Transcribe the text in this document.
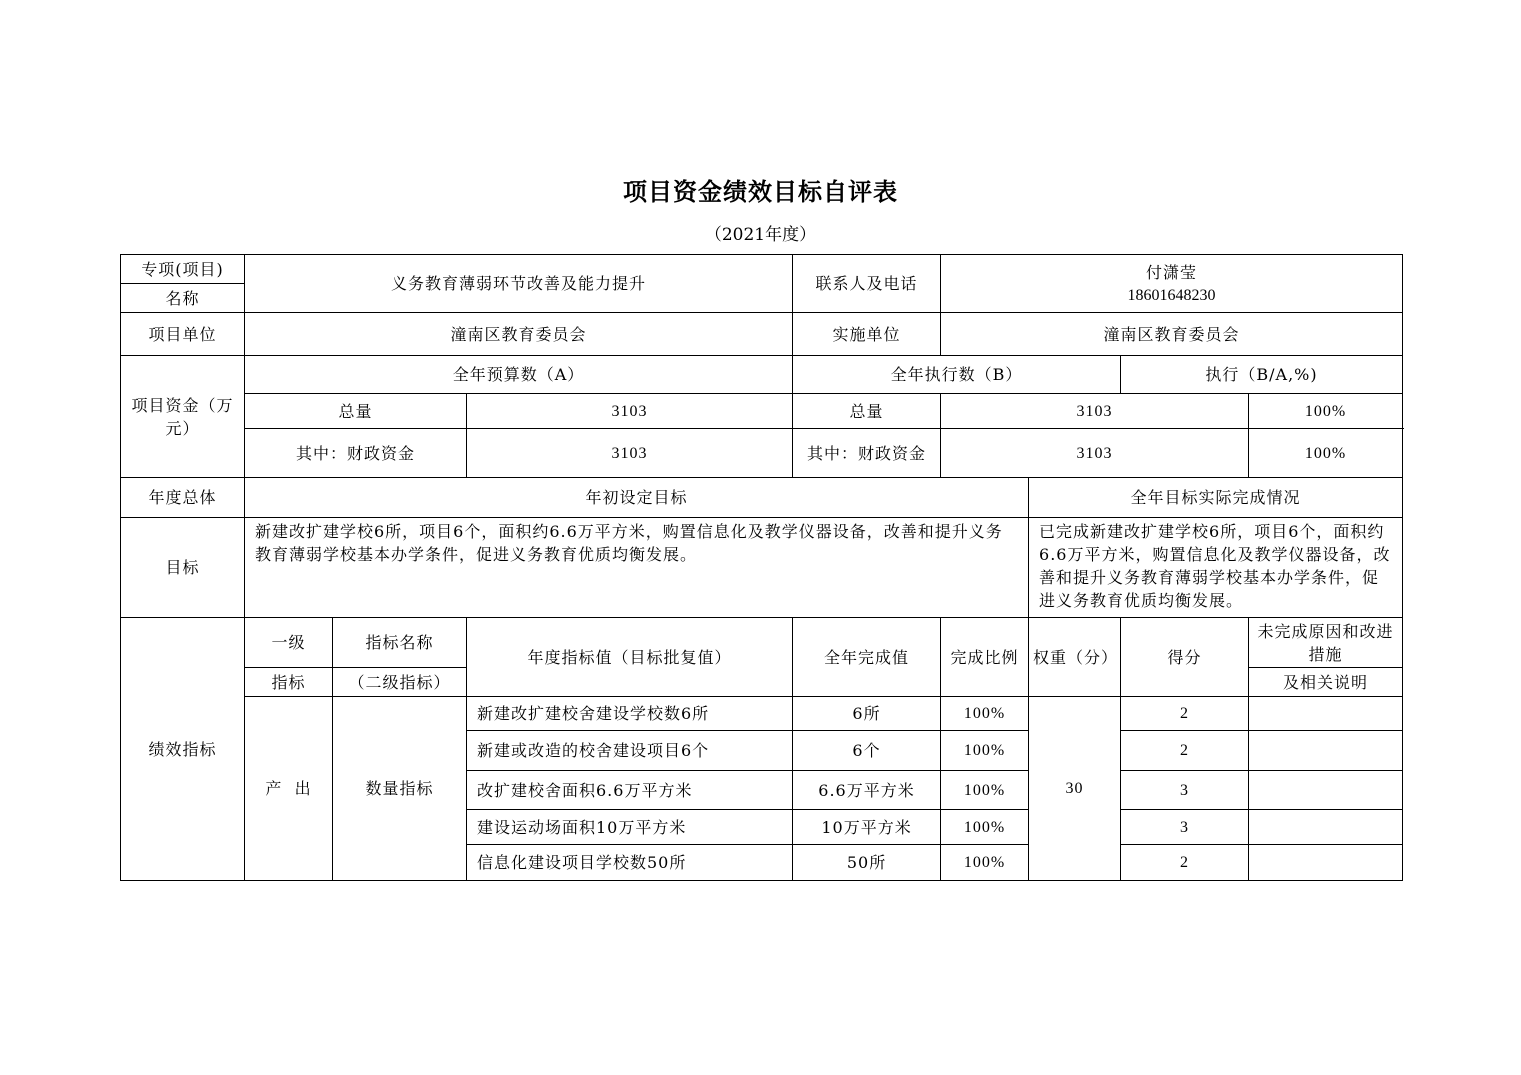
项目资金绩效目标自评表
（2021年度）
专项(项目)	义务教育薄弱环节改善及能力提升			联系人及电话	付潇莹
18601648230			

名称								
项目单位	潼南区教育委员会			实施单位	潼南区教育委员会			
项目资金（万元）	全年预算数（A）			全年执行数（B）			执行（B/A,%)	
	总量		3103	总量	3103			100%
	其中：财政资金		3103	其中：财政资金	3103			100%
年度总体	年初设定目标					全年目标实际完成情况		
目标	新建改扩建学校6所，项目6个，面积约6.6万平方米，购置信息化及教学仪器设备，改善和提升义务教育薄弱学校基本办学条件，促进义务教育优质均衡发展。					已完成新建改扩建学校6所，项目6个，面积约6.6万平方米，购置信息化及教学仪器设备，改善和提升义务教育薄弱学校基本办学条件，促进义务教育优质均衡发展。		
绩效指标	一级	指标名称	年度指标值（目标批复值）	全年完成值	完成比例	权重（分）	得分	未完成原因和改进措施
	指标	（二级指标）						及相关说明
	产  出	数量指标	新建改扩建校舍建设学校数6所	6所	100%	30	2	
			新建或改造的校舍建设项目6个	6个	100%		2	
			改扩建校舍面积6.6万平方米	6.6万平方米	100%		3	
			建设运动场面积10万平方米	10万平方米	100%		3	
			信息化建设项目学校数50所	50所	100%		2	
